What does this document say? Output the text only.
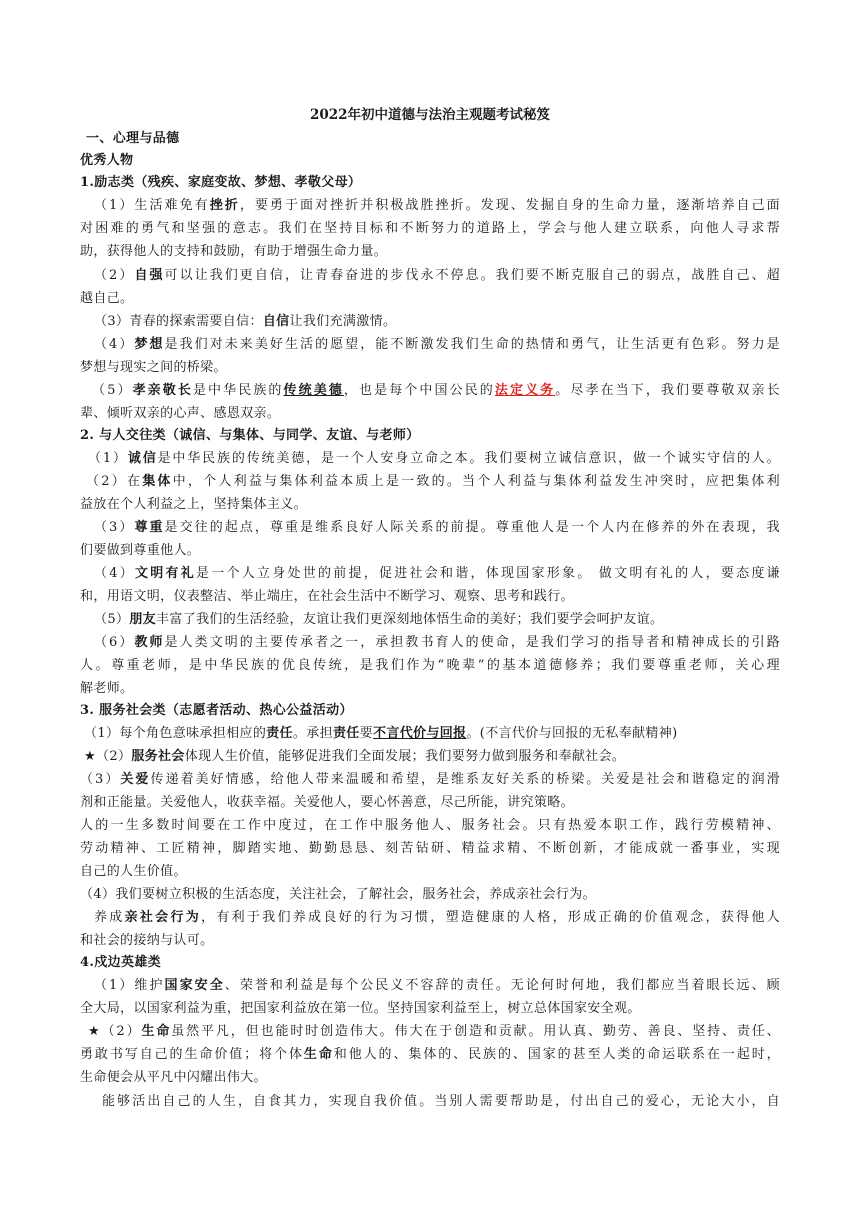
2022年初中道德与法治主观题考试秘笈
一、心理与品德
优秀人物
1.励志类（残疾、家庭变故、梦想、孝敬父母）
（1）生活难免有挫折，要勇于面对挫折并积极战胜挫折。发现、发掘自身的生命力量，逐渐培养自己面
对困难的勇气和坚强的意志。我们在坚持目标和不断努力的道路上，学会与他人建立联系，向他人寻求帮
助，获得他人的支持和鼓励，有助于增强生命力量。
（2）自强可以让我们更自信，让青春奋进的步伐永不停息。我们要不断克服自己的弱点，战胜自己、超
越自己。
（3）青春的探索需要自信：自信让我们充满激情。
（4）梦想是我们对未来美好生活的愿望，能不断激发我们生命的热情和勇气，让生活更有色彩。努力是
梦想与现实之间的桥梁。
（5）孝亲敬长是中华民族的传统美德，也是每个中国公民的法定义务。尽孝在当下，我们要尊敬双亲长
辈、倾听双亲的心声、感恩双亲。
2. 与人交往类（诚信、与集体、与同学、友谊、与老师）
（1）诚信是中华民族的传统美德，是一个人安身立命之本。我们要树立诚信意识，做一个诚实守信的人。
（2）在集体中，个人利益与集体利益本质上是一致的。当个人利益与集体利益发生冲突时，应把集体利
益放在个人利益之上，坚持集体主义。
（3）尊重是交往的起点，尊重是维系良好人际关系的前提。尊重他人是一个人内在修养的外在表现，我
们要做到尊重他人。
（4）文明有礼是一个人立身处世的前提，促进社会和谐，体现国家形象。 做文明有礼的人，要态度谦
和，用语文明，仪表整洁、举止端庄，在社会生活中不断学习、观察、思考和践行。
（5）朋友丰富了我们的生活经验，友谊让我们更深刻地体悟生命的美好；我们要学会呵护友谊。
（6）教师是人类文明的主要传承者之一，承担教书育人的使命，是我们学习的指导者和精神成长的引路
人。尊重老师，是中华民族的优良传统，是我们作为“晚辈”的基本道德修养；我们要尊重老师，关心理
解老师。
3. 服务社会类（志愿者活动、热心公益活动）
（1）每个角色意味承担相应的责任。承担责任要不言代价与回报。(不言代价与回报的无私奉献精神)
★（2）服务社会体现人生价值，能够促进我们全面发展；我们要努力做到服务和奉献社会。
（3）关爱传递着美好情感，给他人带来温暖和希望，是维系友好关系的桥梁。关爱是社会和谐稳定的润滑
剂和正能量。关爱他人，收获幸福。关爱他人，要心怀善意，尽己所能，讲究策略。
人的一生多数时间要在工作中度过，在工作中服务他人、服务社会。只有热爱本职工作，践行劳模精神、
劳动精神、工匠精神，脚踏实地、勤勤恳恳、刻苦钻研、精益求精、不断创新，才能成就一番事业，实现
自己的人生价值。
（4）我们要树立积极的生活态度，关注社会，了解社会，服务社会，养成亲社会行为。
养成亲社会行为，有利于我们养成良好的行为习惯，塑造健康的人格，形成正确的价值观念，获得他人
和社会的接纳与认可。
4.戍边英雄类
（1）维护国家安全、荣誉和利益是每个公民义不容辞的责任。无论何时何地，我们都应当着眼长远、顾
全大局，以国家利益为重，把国家利益放在第一位。坚持国家利益至上，树立总体国家安全观。
★（2）生命虽然平凡，但也能时时创造伟大。伟大在于创造和贡献。用认真、勤劳、善良、坚持、责任、
勇敢书写自己的生命价值；将个体生命和他人的、集体的、民族的、国家的甚至人类的命运联系在一起时，
生命便会从平凡中闪耀出伟大。
能够活出自己的人生，自食其力，实现自我价值。当别人需要帮助是，付出自己的爱心，无论大小，自
